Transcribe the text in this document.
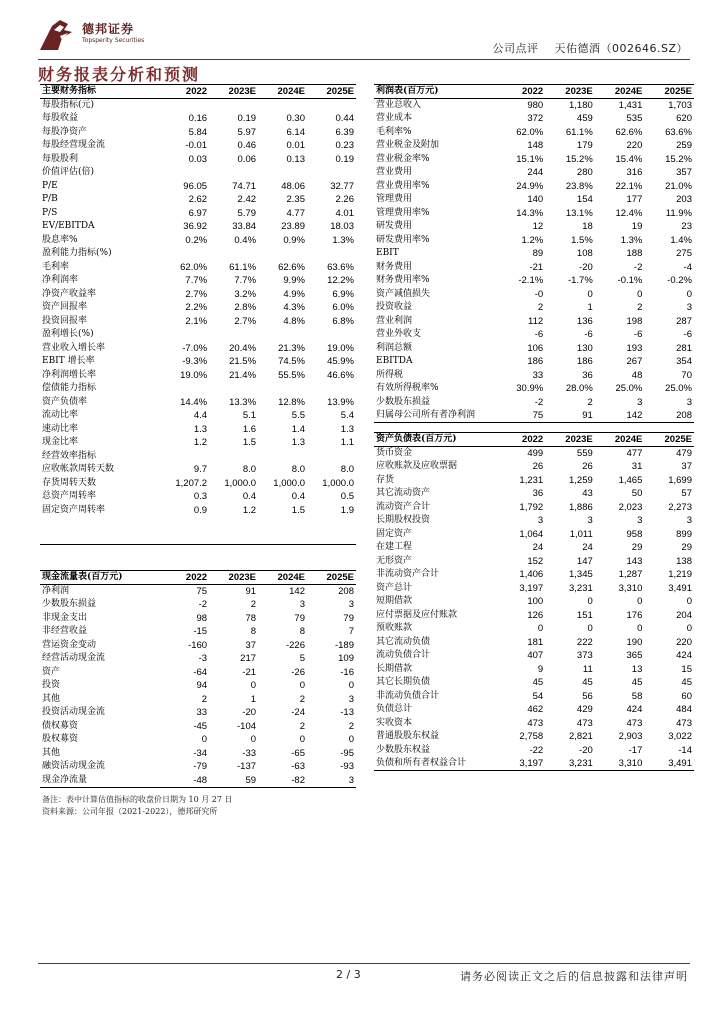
德邦证券
Topsperity Securities
公司点评 天佑德酒（002646.SZ）
财务报表分析和预测
主要财务指标	2022	2023E	2024E	2025E
每股指标(元)				
每股收益	0.16	0.19	0.30	0.44
每股净资产	5.84	5.97	6.14	6.39
每股经营现金流	-0.01	0.46	0.01	0.23
每股股利	0.03	0.06	0.13	0.19
价值评估(倍)				
P/E	96.05	74.71	48.06	32.77
P/B	2.62	2.42	2.35	2.26
P/S	6.97	5.79	4.77	4.01
EV/EBITDA	36.92	33.84	23.89	18.03
股息率%	0.2%	0.4%	0.9%	1.3%
盈利能力指标(%)				
毛利率	62.0%	61.1%	62.6%	63.6%
净利润率	7.7%	7.7%	9.9%	12.2%
净资产收益率	2.7%	3.2%	4.9%	6.9%
资产回报率	2.2%	2.8%	4.3%	6.0%
投资回报率	2.1%	2.7%	4.8%	6.8%
盈利增长(%)				
营业收入增长率	-7.0%	20.4%	21.3%	19.0%
EBIT 增长率	-9.3%	21.5%	74.5%	45.9%
净利润增长率	19.0%	21.4%	55.5%	46.6%
偿债能力指标				
资产负债率	14.4%	13.3%	12.8%	13.9%
流动比率	4.4	5.1	5.5	5.4
速动比率	1.3	1.6	1.4	1.3
现金比率	1.2	1.5	1.3	1.1
经营效率指标				
应收帐款周转天数	9.7	8.0	8.0	8.0
存货周转天数	1,207.2	1,000.0	1,000.0	1,000.0
总资产周转率	0.3	0.4	0.4	0.5
固定资产周转率	0.9	1.2	1.5	1.9

利润表(百万元)	2022	2023E	2024E	2025E
营业总收入	980	1,180	1,431	1,703
营业成本	372	459	535	620
毛利率%	62.0%	61.1%	62.6%	63.6%
营业税金及附加	148	179	220	259
营业税金率%	15.1%	15.2%	15.4%	15.2%
营业费用	244	280	316	357
营业费用率%	24.9%	23.8%	22.1%	21.0%
管理费用	140	154	177	203
管理费用率%	14.3%	13.1%	12.4%	11.9%
研发费用	12	18	19	23
研发费用率%	1.2%	1.5%	1.3%	1.4%
EBIT	89	108	188	275
财务费用	-21	-20	-2	-4
财务费用率%	-2.1%	-1.7%	-0.1%	-0.2%
资产减值损失	-0	0	0	0
投资收益	2	1	2	3
营业利润	112	136	198	287
营业外收支	-6	-6	-6	-6
利润总额	106	130	193	281
EBITDA	186	186	267	354
所得税	33	36	48	70
有效所得税率%	30.9%	28.0%	25.0%	25.0%
少数股东损益	-2	2	3	3
归属母公司所有者净利润	75	91	142	208
资产负债表(百万元)	2022	2023E	2024E	2025E
货币资金	499	559	477	479
应收账款及应收票据	26	26	31	37
存货	1,231	1,259	1,465	1,699
其它流动资产	36	43	50	57
流动资产合计	1,792	1,886	2,023	2,273
长期股权投资	3	3	3	3
固定资产	1,064	1,011	958	899
在建工程	24	24	29	29
无形资产	152	147	143	138
非流动资产合计	1,406	1,345	1,287	1,219
资产总计	3,197	3,231	3,310	3,491
短期借款	100	0	0	0
应付票据及应付账款	126	151	176	204
预收账款	0	0	0	0
其它流动负债	181	222	190	220
流动负债合计	407	373	365	424
长期借款	9	11	13	15
其它长期负债	45	45	45	45
非流动负债合计	54	56	58	60
负债总计	462	429	424	484
实收资本	473	473	473	473
普通股股东权益	2,758	2,821	2,903	3,022
少数股东权益	-22	-20	-17	-14
负债和所有者权益合计	3,197	3,231	3,310	3,491
现金流量表(百万元)	2022	2023E	2024E	2025E
净利润	75	91	142	208
少数股东损益	-2	2	3	3
非现金支出	98	78	79	79
非经营收益	-15	8	8	7
营运资金变动	-160	37	-226	-189
经营活动现金流	-3	217	5	109
资产	-64	-21	-26	-16
投资	94	0	0	0
其他	2	1	2	3
投资活动现金流	33	-20	-24	-13
债权募资	-45	-104	2	2
股权募资	0	0	0	0
其他	-34	-33	-65	-95
融资活动现金流	-79	-137	-63	-93
现金净流量	-48	59	-82	3
备注：表中计算估值指标的收盘价日期为 10 月 27 日
资料来源：公司年报（2021-2022），德邦研究所
2 / 3	请务必阅读正文之后的信息披露和法律声明
